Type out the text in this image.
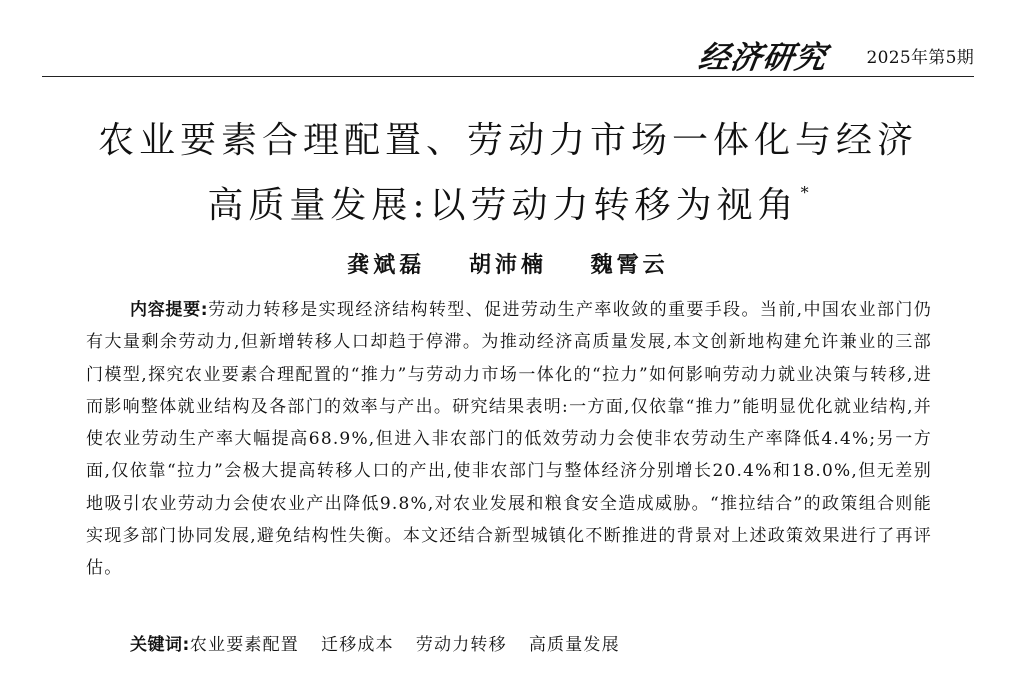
经济研究 2025年第5期
农业要素合理配置、劳动力市场一体化与经济
高质量发展:以劳动力转移为视角 *
龚斌磊 胡沛楠 魏霄云

内容提要:劳动力转移是实现经济结构转型、促进劳动生产率收敛的重要手段。当前,中国农业部门仍有大量剩余劳动力,但新增转移人口却趋于停滞。为推动经济高质量发展,本文创新地构建允许兼业的三部门模型,探究农业要素合理配置的“推力”与劳动力市场一体化的“拉力”如何影响劳动力就业决策与转移,进而影响整体就业结构及各部门的效率与产出。研究结果表明:一方面,仅依靠“推力”能明显优化就业结构,并使农业劳动生产率大幅提高68.9%,但进入非农部门的低效劳动力会使非农劳动生产率降低4.4%;另一方面,仅依靠“拉力”会极大提高转移人口的产出,使非农部门与整体经济分别增长20.4%和18.0%,但无差别地吸引农业劳动力会使农业产出降低9.8%,对农业发展和粮食安全造成威胁。“推拉结合”的政策组合则能实现多部门协同发展,避免结构性失衡。本文还结合新型城镇化不断推进的背景对上述政策效果进行了再评估。

关键词:农业要素配置 迁移成本 劳动力转移 高质量发展
